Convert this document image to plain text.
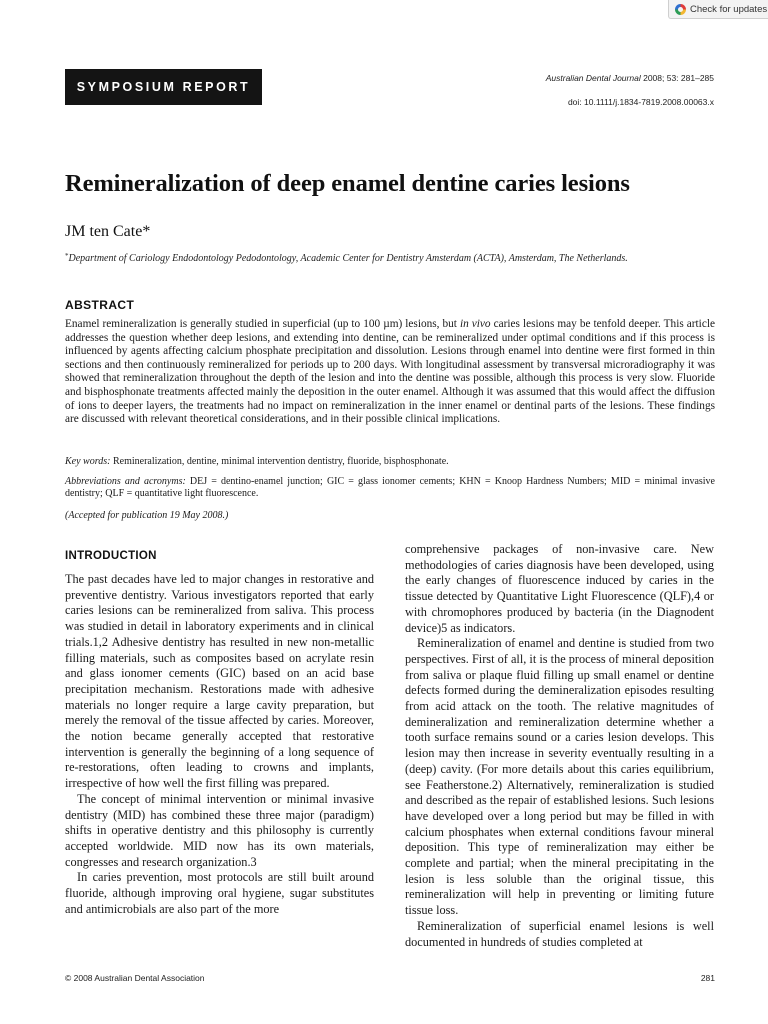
Check for updates
SYMPOSIUM REPORT
Australian Dental Journal 2008; 53: 281–285
doi: 10.1111/j.1834-7819.2008.00063.x
Remineralization of deep enamel dentine caries lesions
JM ten Cate*
*Department of Cariology Endodontology Pedodontology, Academic Center for Dentistry Amsterdam (ACTA), Amsterdam, The Netherlands.
ABSTRACT
Enamel remineralization is generally studied in superficial (up to 100 µm) lesions, but in vivo caries lesions may be tenfold deeper. This article addresses the question whether deep lesions, and extending into dentine, can be remineralized under optimal conditions and if this process is influenced by agents affecting calcium phosphate precipitation and dissolution. Lesions through enamel into dentine were first formed in thin sections and then continuously remineralized for periods up to 200 days. With longitudinal assessment by transversal microradiography it was showed that remineralization throughout the depth of the lesion and into the dentine was possible, although this process is very slow. Fluoride and bisphosphonate treatments affected mainly the deposition in the outer enamel. Although it was assumed that this would affect the diffusion of ions to deeper layers, the treatments had no impact on remineralization in the inner enamel or dentinal parts of the lesions. These findings are discussed with relevant theoretical considerations, and in their possible clinical implications.
Key words: Remineralization, dentine, minimal intervention dentistry, fluoride, bisphosphonate.
Abbreviations and acronyms: DEJ = dentino-enamel junction; GIC = glass ionomer cements; KHN = Knoop Hardness Numbers; MID = minimal invasive dentistry; QLF = quantitative light fluorescence.
(Accepted for publication 19 May 2008.)
INTRODUCTION

The past decades have led to major changes in restorative and preventive dentistry. Various investigators reported that early caries lesions can be remineralized from saliva. This process was studied in detail in laboratory experiments and in clinical trials.1,2 Adhesive dentistry has resulted in new non-metallic filling materials, such as composites based on acrylate resin and glass ionomer cements (GIC) based on an acid base precipitation mechanism. Restorations made with adhesive materials no longer require a large cavity preparation, but merely the removal of the tissue affected by caries. Moreover, the notion became generally accepted that restorative intervention is generally the beginning of a long sequence of re-restorations, often leading to crowns and implants, irrespective of how well the first filling was prepared.

The concept of minimal intervention or minimal invasive dentistry (MID) has combined these three major (paradigm) shifts in operative dentistry and this philosophy is currently accepted worldwide. MID now has its own materials, congresses and research organization.3

In caries prevention, most protocols are still built around fluoride, although improving oral hygiene, sugar substitutes and antimicrobials are also part of the more

comprehensive packages of non-invasive care. New methodologies of caries diagnosis have been developed, using the early changes of fluorescence induced by caries in the tissue detected by Quantitative Light Fluorescence (QLF),4 or with chromophores produced by bacteria (in the Diagnodent device)5 as indicators.

Remineralization of enamel and dentine is studied from two perspectives. First of all, it is the process of mineral deposition from saliva or plaque fluid filling up small enamel or dentine defects formed during the demineralization episodes resulting from acid attack on the tooth. The relative magnitudes of demineralization and remineralization determine whether a tooth surface remains sound or a caries lesion develops. This lesion may then increase in severity eventually resulting in a (deep) cavity. (For more details about this caries equilibrium, see Featherstone.2) Alternatively, remineralization is studied and described as the repair of established lesions. Such lesions have developed over a long period but may be filled in with calcium phosphates when external conditions favour mineral deposition. This type of remineralization may either be complete and partial; when the mineral precipitating in the lesion is less soluble than the original tissue, this remineralization will help in preventing or limiting future tissue loss.

Remineralization of superficial enamel lesions is well documented in hundreds of studies completed at

© 2008 Australian Dental Association	281
